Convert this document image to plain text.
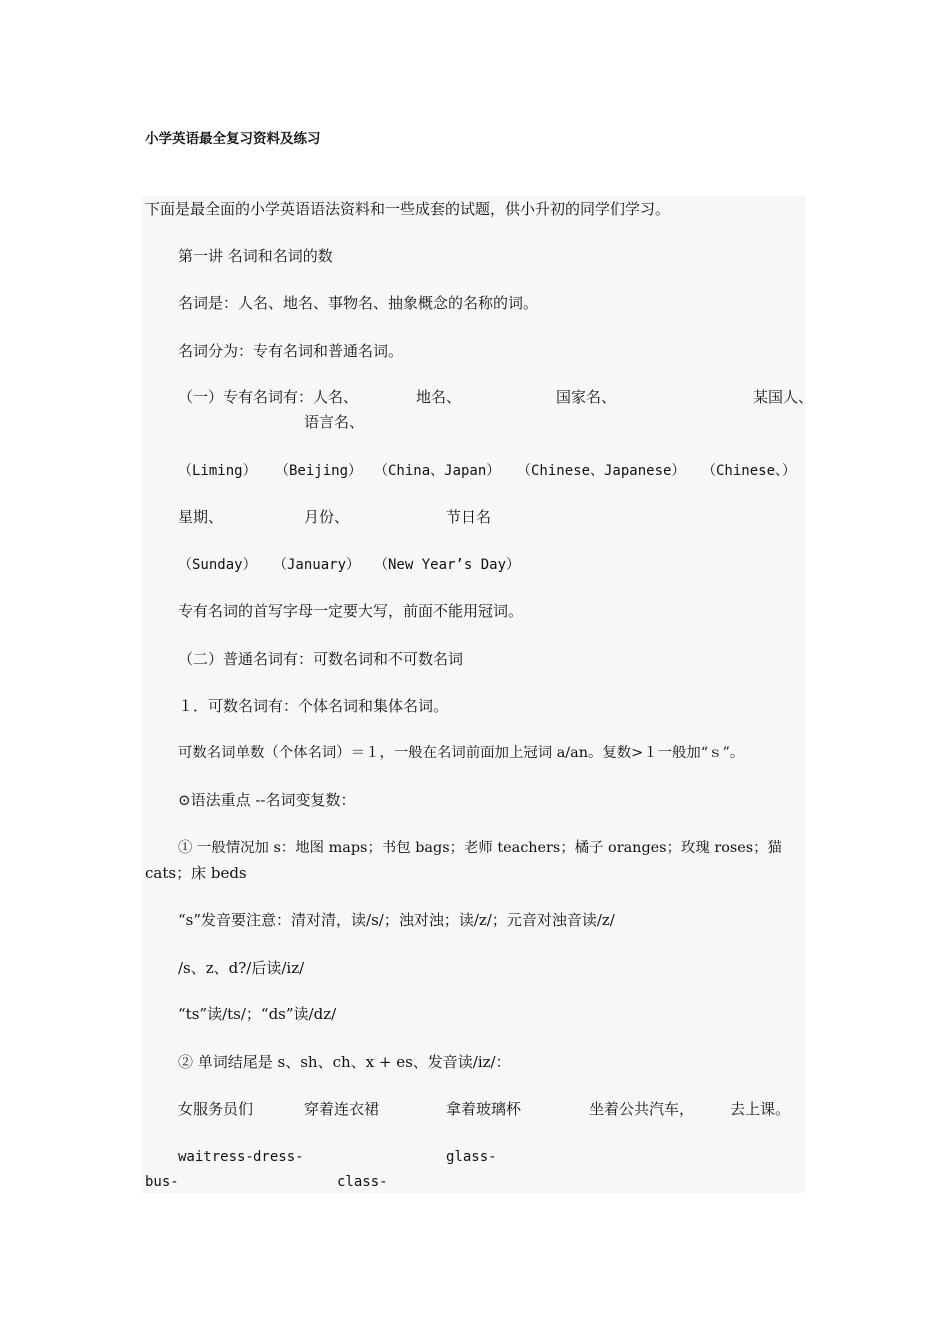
小学英语最全复习资料及练习
下面是最全面的小学英语语法资料和一些成套的试题，供小升初的同学们学习。
第一讲 名词和名词的数
名词是：人名、地名、事物名、抽象概念的名称的词。
名词分为：专有名词和普通名词。
（一）专有名词有：人名、	地名、	国家名、	某国人、
语言名、
（Liming） （Beijing） （China、Japan） （Chinese、Japanese） （Chinese、）
星期、	月份、	节日名
（Sunday） （January） （New Year’s Day）
专有名词的首写字母一定要大写，前面不能用冠词。
（二）普通名词有：可数名词和不可数名词
１．可数名词有：个体名词和集体名词。
可数名词单数（个体名词）＝１，一般在名词前面加上冠词 a/an。复数>１一般加“ｓ”。
⊙语法重点 --名词变复数：
① 一般情况加 s：地图 maps；书包 bags；老师 teachers；橘子 oranges；玫瑰 roses；猫
cats；床 beds
“s”发音要注意：清对清，读/s/；浊对浊；读/z/；元音对浊音读/z/
/s、z、d?/后读/iz/
“ts”读/ts/；“ds”读/dz/
② 单词结尾是 s、sh、ch、x + es、发音读/iz/：
女服务员们	穿着连衣裙	拿着玻璃杯	坐着公共汽车， 去上课。
waitress- dress-	glass-
bus-	class-
